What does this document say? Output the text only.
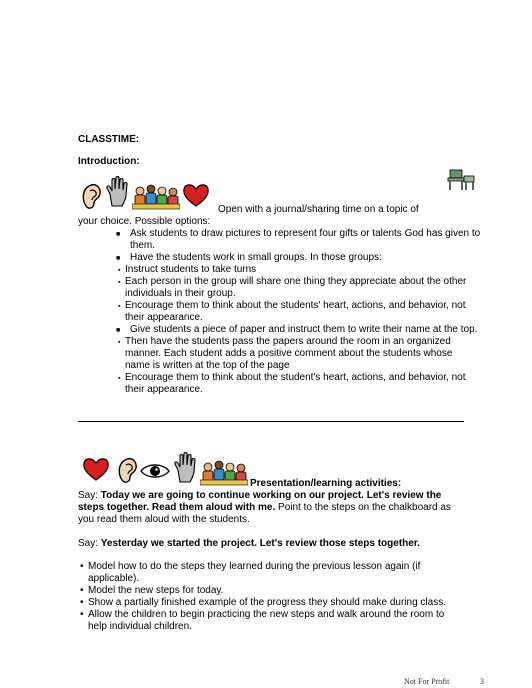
CLASSTIME:
Introduction:
Open with a journal/sharing time on a topic of
your choice. Possible options:
■ Ask students to draw pictures to represent four gifts or talents God has given to
them.
■ Have the students work in small groups. In those groups:
▪ Instruct students to take turns
▪ Each person in the group will share one thing they appreciate about the other
individuals in their group.
▪ Encourage them to think about the students' heart, actions, and behavior, not
their appearance.
■ Give students a piece of paper and instruct them to write their name at the top.
▪ Then have the students pass the papers around the room in an organized
manner. Each student adds a positive comment about the students whose
name is written at the top of the page
▪ Encourage them to think about the student's heart, actions, and behavior, not
their appearance.
Presentation/learning activities:
Say: Today we are going to continue working on our project. Let's review the
steps together. Read them aloud with me. Point to the steps on the chalkboard as
you read them aloud with the students.
Say: Yesterday we started the project. Let's review those steps together.
• Model how to do the steps they learned during the previous lesson again (if
applicable).
• Model the new steps for today.
• Show a partially finished example of the progress they should make during class.
• Allow the children to begin practicing the new steps and walk around the room to
help individual children.
Not For Profit	3
